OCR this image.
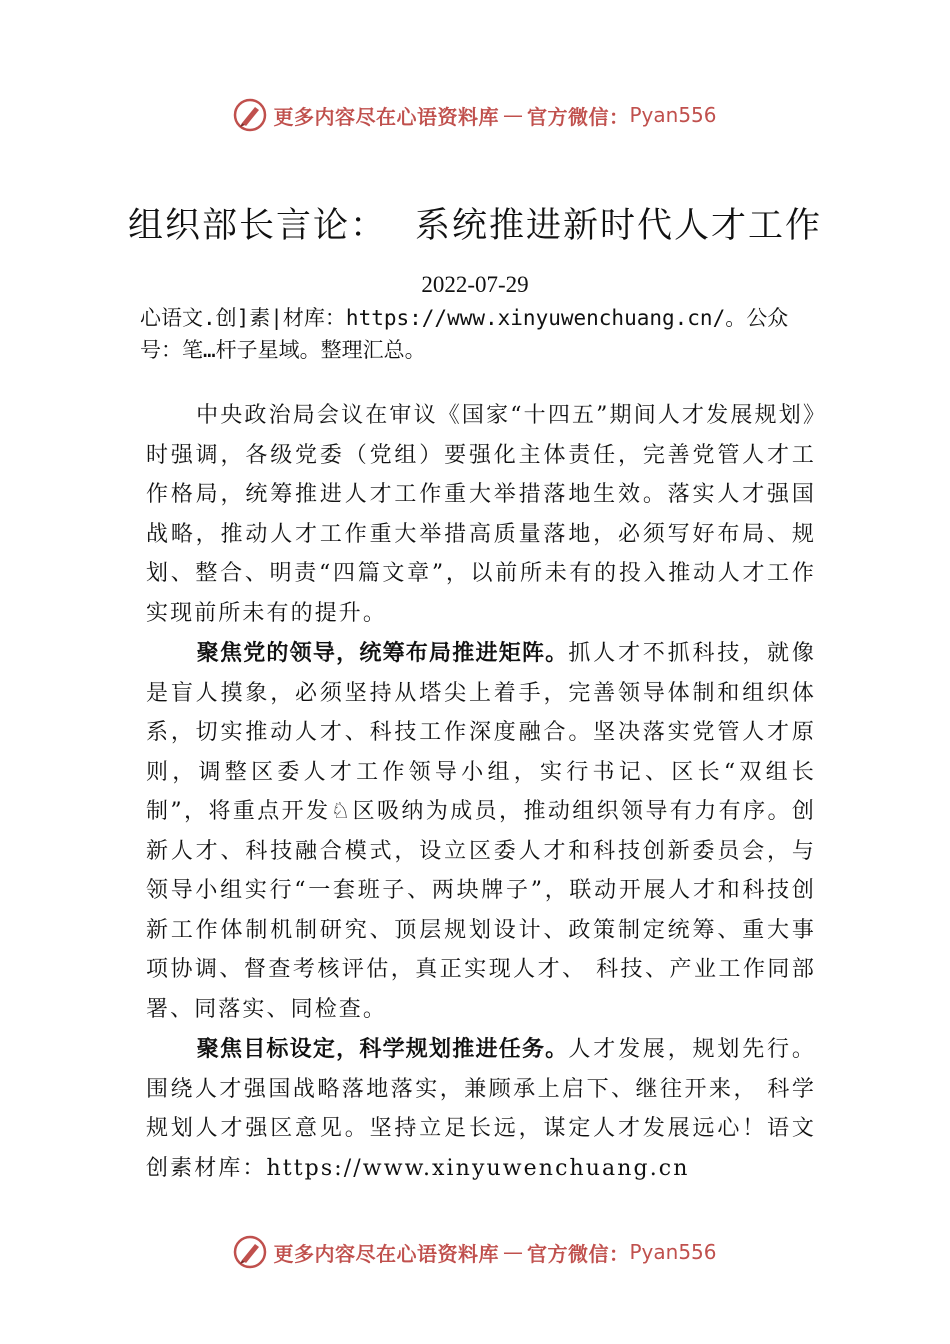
更多内容尽在心语资料库 — 官方微信： Pyan556
组织部长言论： 系统推进新时代人才工作
2022-07-29
心语文.创]素|材库：https://www.xinyuwenchuang.cn/。公众号：笔…杆子星域。整理汇总。
中央政治局会议在审议《国家“十四五”期间人才发展规划》时强调，各级党委（党组）要强化主体责任，完善党管人才工作格局，统筹推进人才工作重大举措落地生效。落实人才强国战略，推动人才工作重大举措高质量落地，必须写好布局、规划、整合、明责“四篇文章”，以前所未有的投入推动人才工作实现前所未有的提升。
聚焦党的领导，统筹布局推进矩阵。抓人才不抓科技，就像是盲人摸象，必须坚持从塔尖上着手，完善领导体制和组织体系，切实推动人才、科技工作深度融合。坚决落实党管人才原则，调整区委人才工作领导小组，实行书记、区长“双组长制”，将重点开发♘区吸纳为成员，推动组织领导有力有序。创新人才、科技融合模式，设立区委人才和科技创新委员会，与领导小组实行“一套班子、两块牌子”，联动开展人才和科技创新工作体制机制研究、顶层规划设计、政策制定统筹、重大事项协调、督查考核评估，真正实现人才、 科技、产业工作同部署、同落实、同检查。
聚焦目标设定，科学规划推进任务。人才发展，规划先行。围绕人才强国战略落地落实，兼顾承上启下、继往开来， 科学规划人才强区意见。坚持立足长远，谋定人才发展远心！语文创素材库：https://www.xinyuwenchuang.cn
更多内容尽在心语资料库 — 官方微信： Pyan556
